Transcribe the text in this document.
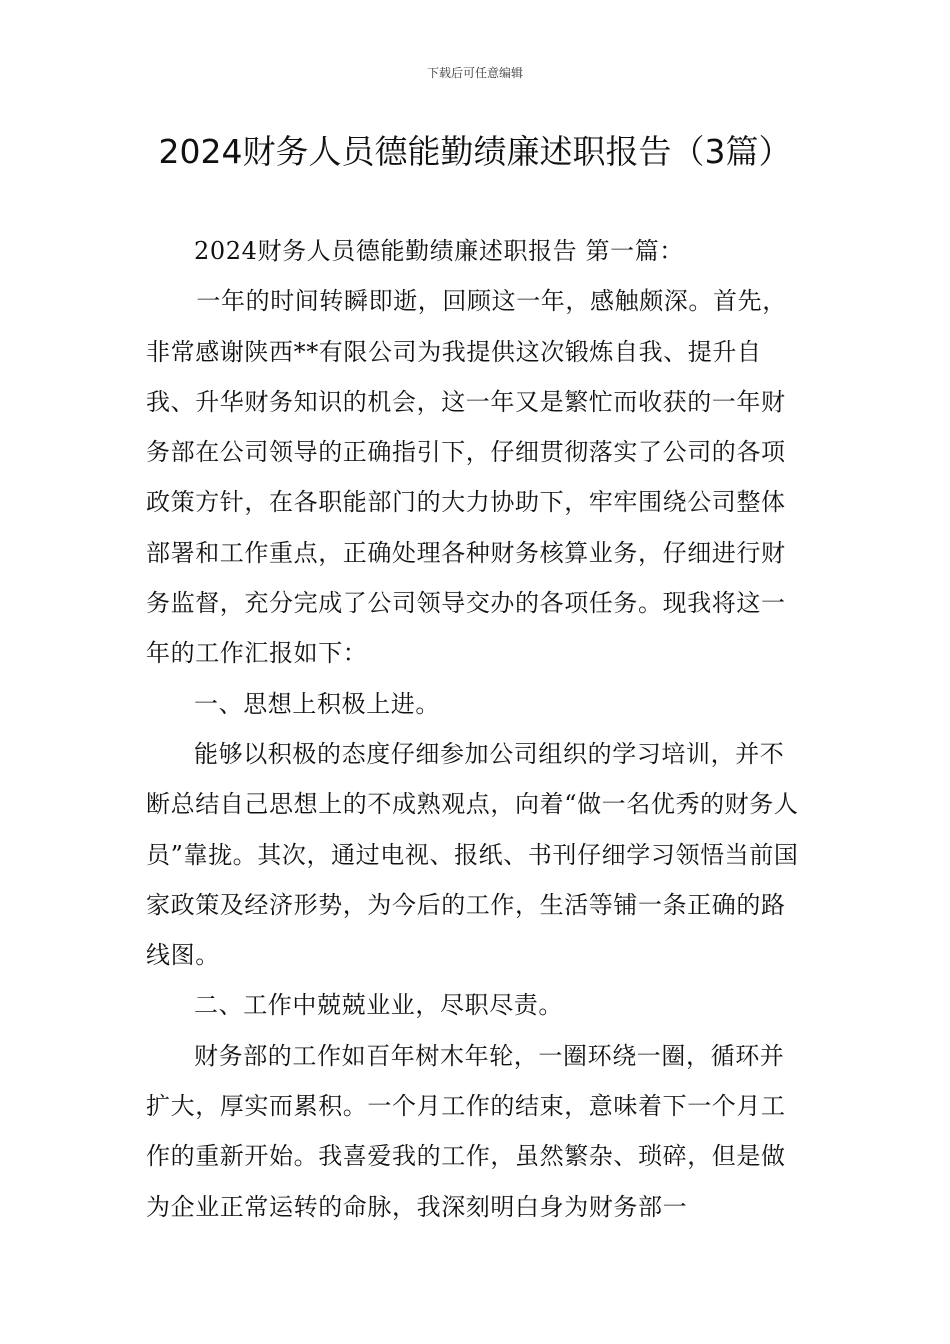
下载后可任意编辑
2024财务人员德能勤绩廉述职报告（3篇）

2024财务人员德能勤绩廉述职报告 第一篇：

一年的时间转瞬即逝，回顾这一年，感触颇深。首先，非常感谢陕西**有限公司为我提供这次锻炼自我、提升自我、升华财务知识的机会，这一年又是繁忙而收获的一年财务部在公司领导的正确指引下，仔细贯彻落实了公司的各项政策方针，在各职能部门的大力协助下，牢牢围绕公司整体部署和工作重点，正确处理各种财务核算业务，仔细进行财务监督，充分完成了公司领导交办的各项任务。现我将这一年的工作汇报如下：

一、思想上积极上进。

能够以积极的态度仔细参加公司组织的学习培训，并不断总结自己思想上的不成熟观点，向着“做一名优秀的财务人员”靠拢。其次，通过电视、报纸、书刊仔细学习领悟当前国家政策及经济形势，为今后的工作，生活等铺一条正确的路线图。

二、工作中兢兢业业，尽职尽责。

财务部的工作如百年树木年轮，一圈环绕一圈，循环并扩大，厚实而累积。一个月工作的结束，意味着下一个月工作的重新开始。我喜爱我的工作，虽然繁杂、琐碎，但是做为企业正常运转的命脉，我深刻明白身为财务部一
